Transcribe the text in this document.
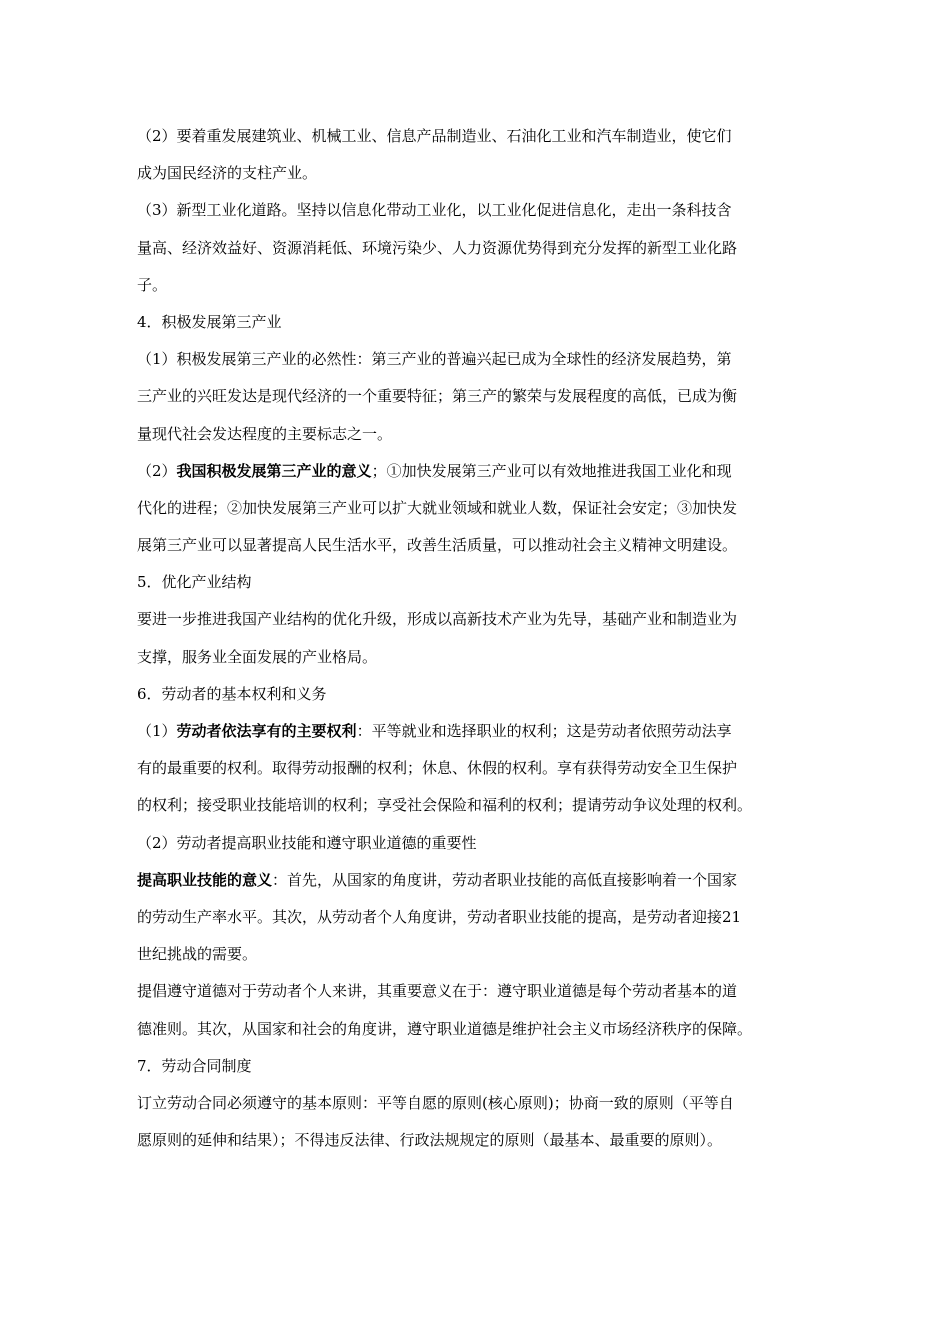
（2）要着重发展建筑业、机械工业、信息产品制造业、石油化工业和汽车制造业，使它们
成为国民经济的支柱产业。
（3）新型工业化道路。坚持以信息化带动工业化，以工业化促进信息化，走出一条科技含
量高、经济效益好、资源消耗低、环境污染少、人力资源优势得到充分发挥的新型工业化路
子。
4．积极发展第三产业
（1）积极发展第三产业的必然性：第三产业的普遍兴起已成为全球性的经济发展趋势，第
三产业的兴旺发达是现代经济的一个重要特征；第三产的繁荣与发展程度的高低，已成为衡
量现代社会发达程度的主要标志之一。
（2）我国积极发展第三产业的意义；①加快发展第三产业可以有效地推进我国工业化和现
代化的进程；②加快发展第三产业可以扩大就业领域和就业人数，保证社会安定；③加快发
展第三产业可以显著提高人民生活水平，改善生活质量，可以推动社会主义精神文明建设。
5．优化产业结构
要进一步推进我国产业结构的优化升级，形成以高新技术产业为先导，基础产业和制造业为
支撑，服务业全面发展的产业格局。
6．劳动者的基本权利和义务
（1）劳动者依法享有的主要权利：平等就业和选择职业的权利；这是劳动者依照劳动法享
有的最重要的权利。取得劳动报酬的权利；休息、休假的权利。享有获得劳动安全卫生保护
的权利；接受职业技能培训的权利；享受社会保险和福利的权利；提请劳动争议处理的权利。
（2）劳动者提高职业技能和遵守职业道德的重要性
提高职业技能的意义：首先，从国家的角度讲，劳动者职业技能的高低直接影响着一个国家
的劳动生产率水平。其次，从劳动者个人角度讲，劳动者职业技能的提高，是劳动者迎接21
世纪挑战的需要。
提倡遵守道德对于劳动者个人来讲，其重要意义在于：遵守职业道德是每个劳动者基本的道
德准则。其次，从国家和社会的角度讲，遵守职业道德是维护社会主义市场经济秩序的保障。
7．劳动合同制度
订立劳动合同必须遵守的基本原则：平等自愿的原则(核心原则)；协商一致的原则（平等自
愿原则的延伸和结果）；不得违反法律、行政法规规定的原则（最基本、最重要的原则）。
